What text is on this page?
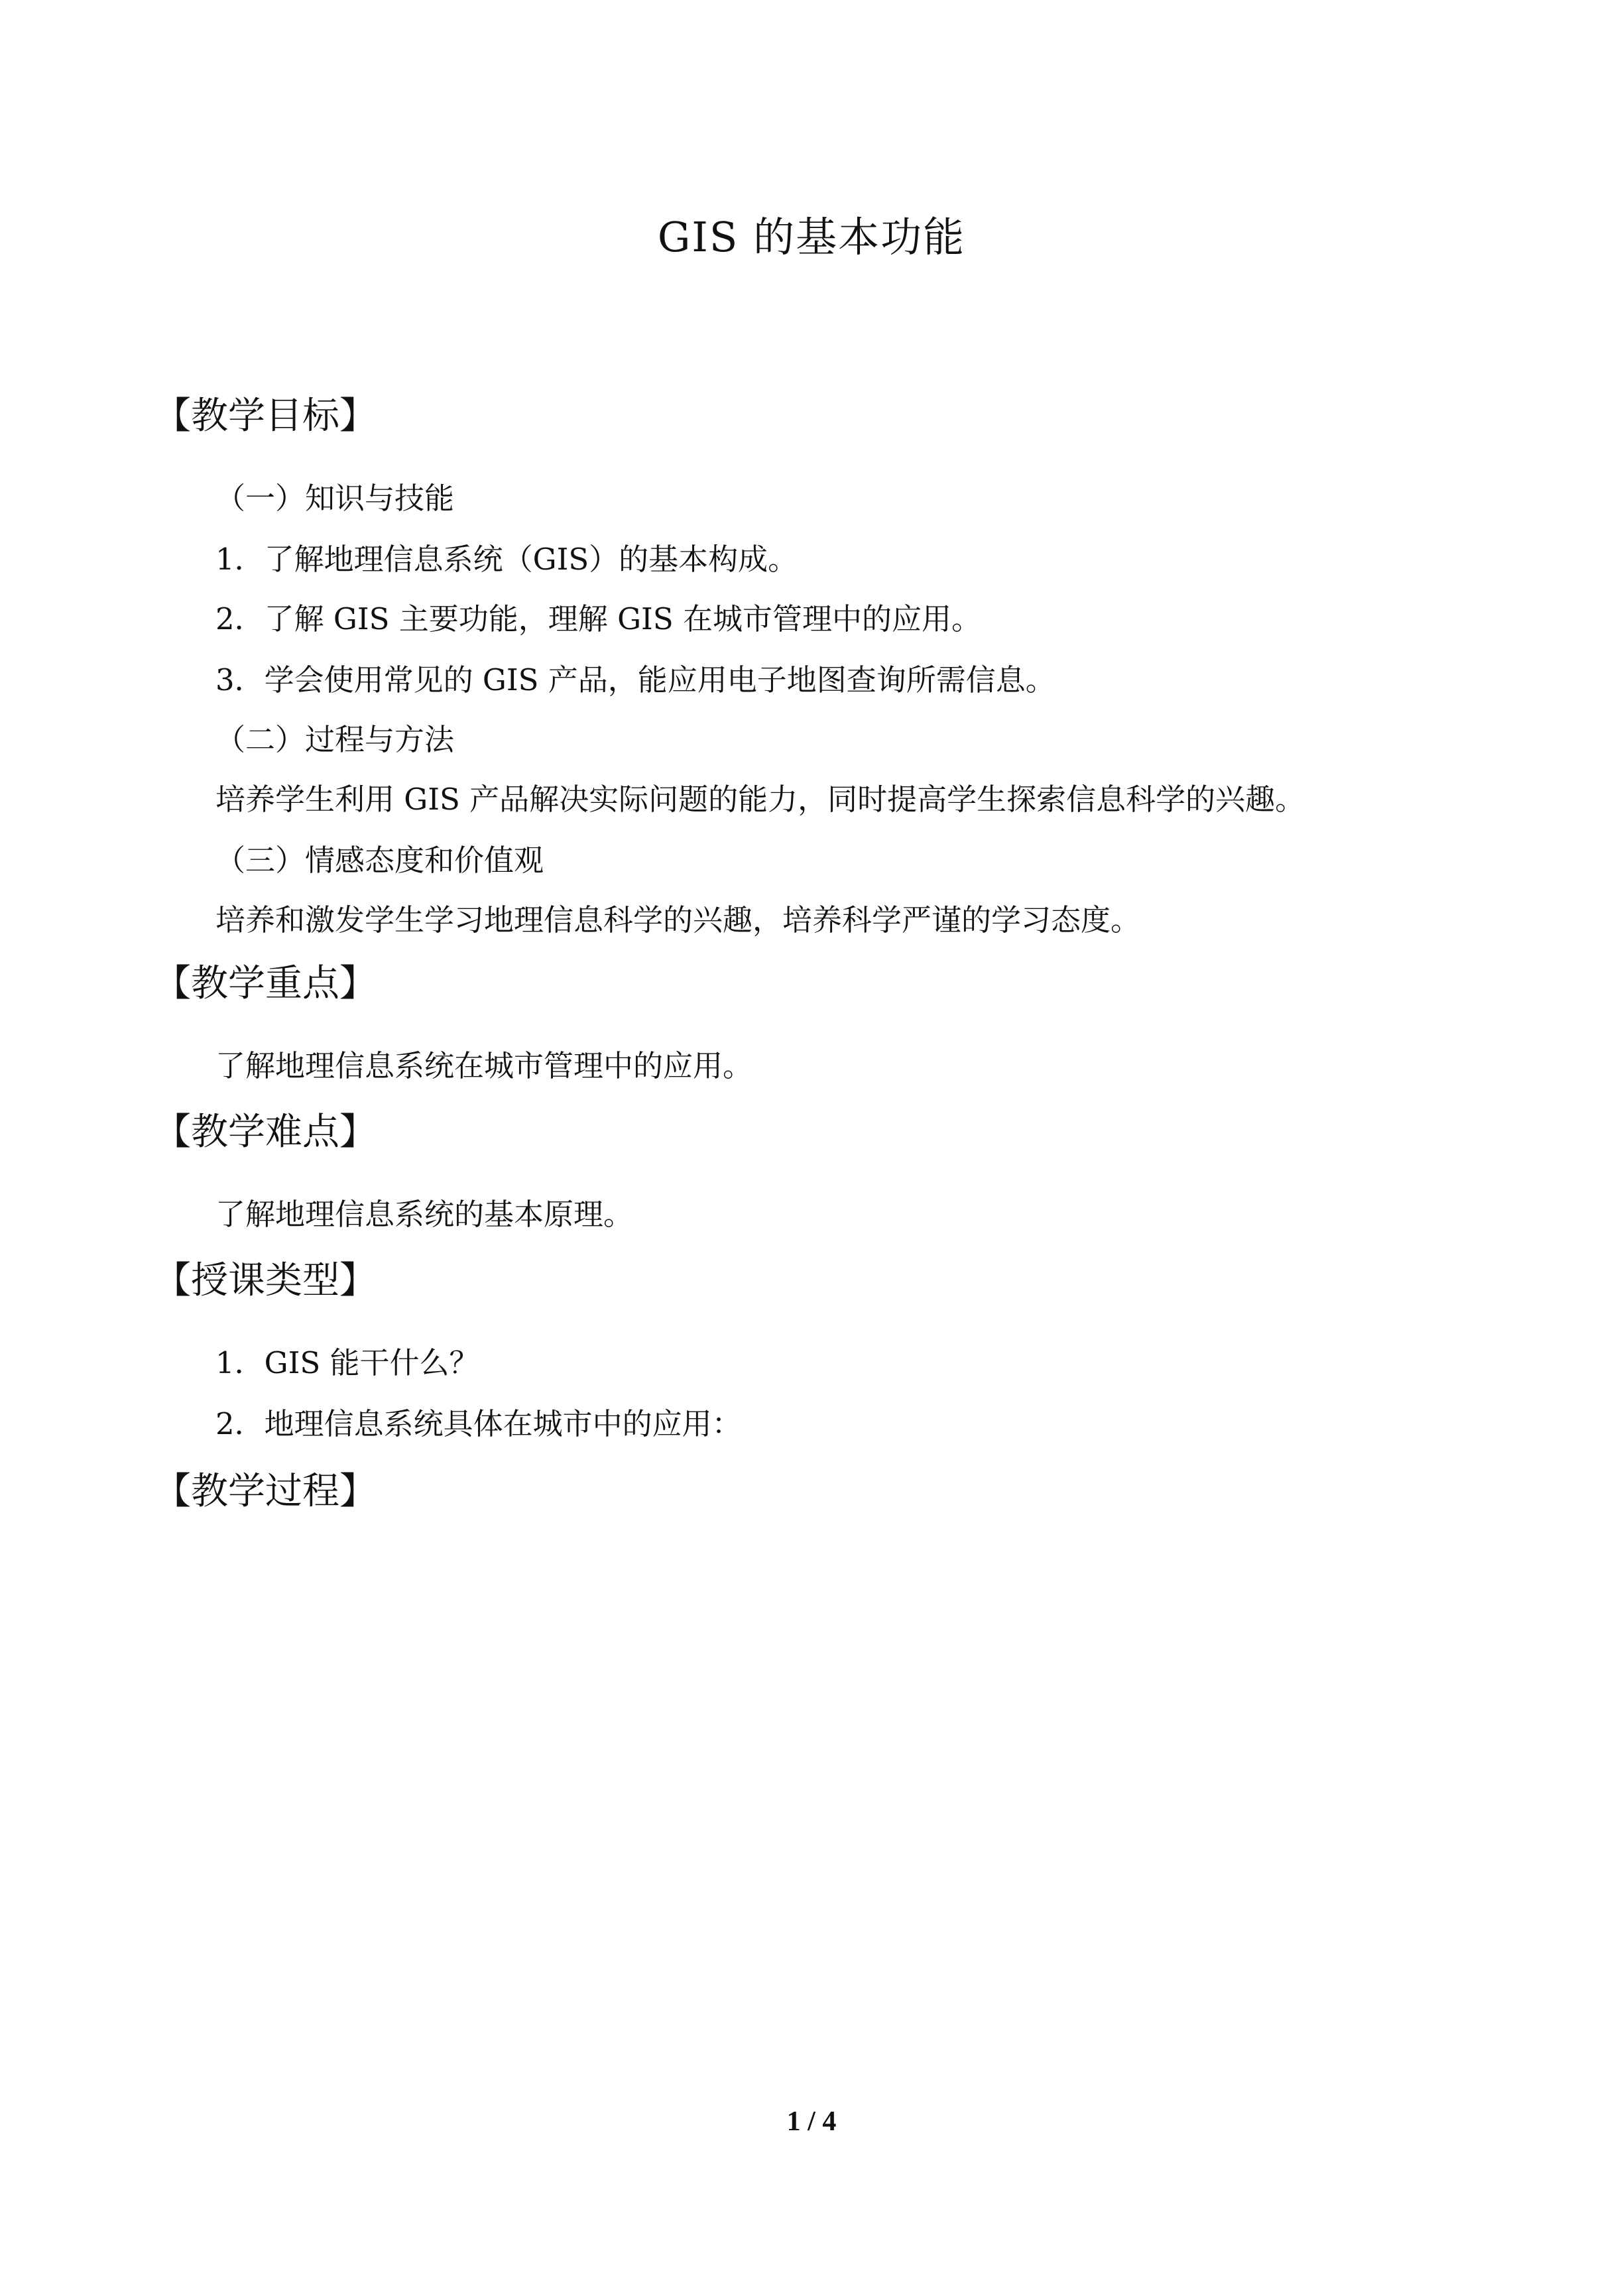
GIS 的基本功能
【教学目标】
（一）知识与技能
1．了解地理信息系统（GIS）的基本构成。
2．了解 GIS 主要功能，理解 GIS 在城市管理中的应用。
3．学会使用常见的 GIS 产品，能应用电子地图查询所需信息。
（二）过程与方法
培养学生利用 GIS 产品解决实际问题的能力，同时提高学生探索信息科学的兴趣。
（三）情感态度和价值观
培养和激发学生学习地理信息科学的兴趣，培养科学严谨的学习态度。
【教学重点】
了解地理信息系统在城市管理中的应用。
【教学难点】
了解地理信息系统的基本原理。
【授课类型】
1．GIS 能干什么？
2．地理信息系统具体在城市中的应用：
【教学过程】
1 / 4
